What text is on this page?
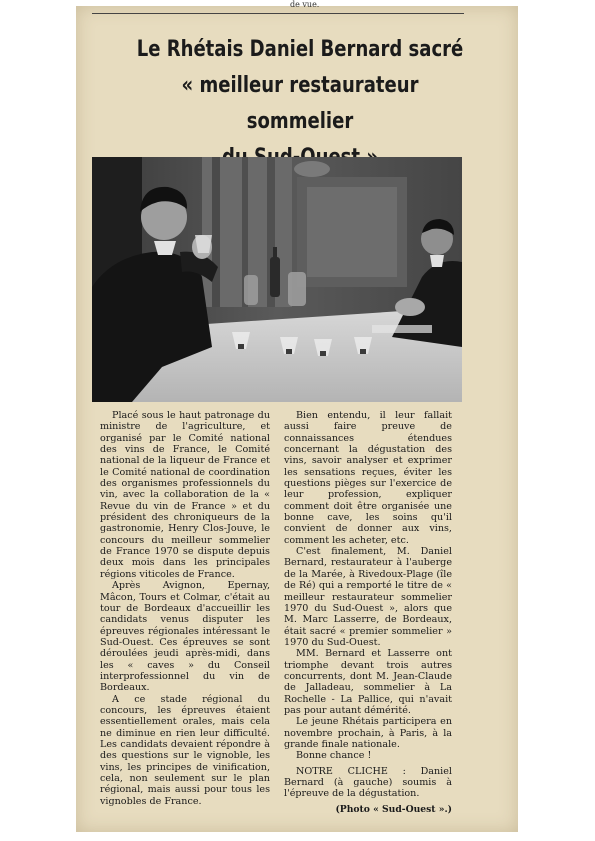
de vue.
Le Rhétais Daniel Bernard sacré
« meilleur restaurateur sommelier

Placé sous le haut patronage du ministre de l'agriculture, et organisé par le Comité national des vins de France, le Comité national de la liqueur de France et le Comité national de coordination des organismes professionnels du vin, avec la collaboration de la « Revue du vin de France » et du président des chroniqueurs de la gastronomie, Henry Clos-Jouve, le concours du meilleur sommelier de France 1970 se dispute depuis deux mois dans les principales régions viticoles de France.

Après Avignon, Epernay, Mâcon, Tours et Colmar, c'était au tour de Bordeaux d'accueillir les candidats venus disputer les épreuves régionales intéressant le Sud-Ouest. Ces épreuves se sont déroulées jeudi après-midi, dans les « caves » du Conseil interprofessionnel du vin de Bordeaux.

A ce stade régional du concours, les épreuves étaient essentiellement orales, mais cela ne diminue en rien leur difficulté. Les candidats devaient répondre à des questions sur le vignoble, les vins, les principes de vinification, cela, non seulement sur le plan régional, mais aussi pour tous les vignobles de France.

Bien entendu, il leur fallait aussi faire preuve de connaissances étendues concernant la dégustation des vins, savoir analyser et exprimer les sensations reçues, éviter les questions pièges sur l'exercice de leur profession, expliquer comment doit être organisée une bonne cave, les soins qu'il convient de donner aux vins, comment les acheter, etc.

C'est finalement, M. Daniel Bernard, restaurateur à l'auberge de la Marée, à Rivedoux-Plage (île de Ré) qui a remporté le titre de « meilleur restaurateur sommelier 1970 du Sud-Ouest », alors que M. Marc Lasserre, de Bordeaux, était sacré « premier sommelier » 1970 du Sud-Ouest.

MM. Bernard et Lasserre ont triomphe devant trois autres concurrents, dont M. Jean-Claude de Jalladeau, sommelier à La Rochelle - La Pallice, qui n'avait pas pour autant démérité.

Le jeune Rhétais participera en novembre prochain, à Paris, à la grande finale nationale.

Bonne chance !

NOTRE CLICHE : Daniel Bernard (à gauche) soumis à l'épreuve de la dégustation.

(Photo « Sud-Ouest ».)
